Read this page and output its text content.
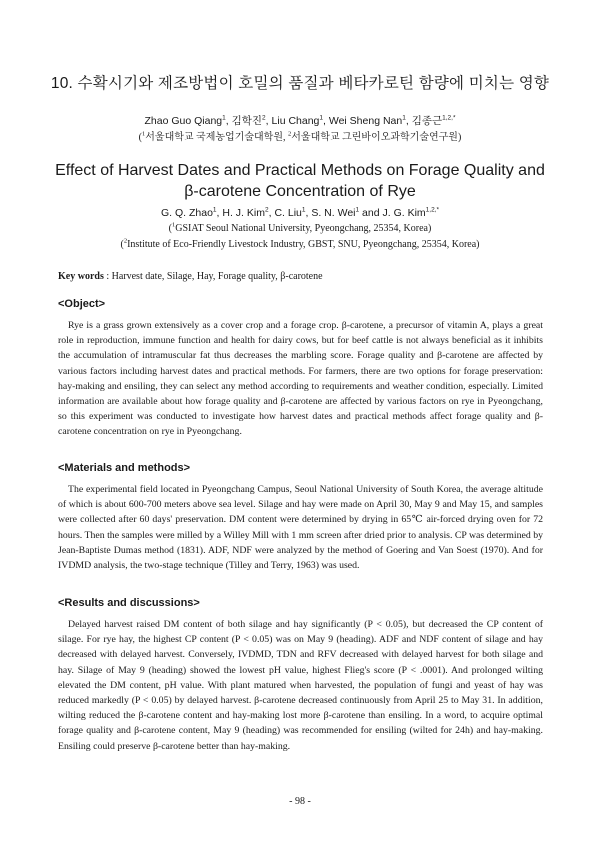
10. 수확시기와 제조방법이 호밀의 품질과 베타카로틴 함량에 미치는 영향
Zhao Guo Qiang$^1$, 김학진$^2$, Liu Chang$^1$, Wei Sheng Nan$^1$, 김종근$^{1,2,*}$
($^1$서울대학교 국제농업기술대학원, $^2$서울대학교 그린바이오과학기술연구원)
Effect of Harvest Dates and Practical Methods on Forage Quality and
β-carotene Concentration of Rye
G. Q. Zhao$^1$, H. J. Kim$^2$, C. Liu$^1$, S. N. Wei$^1$ and J. G. Kim$^{1,2,*}$
($^1$GSIAT Seoul National University, Pyeongchang, 25354, Korea)
($^2$Institute of Eco-Friendly Livestock Industry, GBST, SNU, Pyeongchang, 25354, Korea)
Key words : Harvest date, Silage, Hay, Forage quality, β-carotene
<Object>

Rye is a grass grown extensively as a cover crop and a forage crop. β-carotene, a precursor of vitamin A, plays a great role in reproduction, immune function and health for dairy cows, but for beef cattle is not always beneficial as it inhibits the accumulation of intramuscular fat thus decreases the marbling score. Forage quality and β-carotene are affected by various factors including harvest dates and practical methods. For farmers, there are two options for forage preservation: hay-making and ensiling, they can select any method according to requirements and weather condition, especially. Limited information are available about how forage quality and β-carotene are affected by various factors on rye in Pyeongchang, so this experiment was conducted to investigate how harvest dates and practical methods affect forage quality and β-carotene concentration on rye in Pyeongchang.

<Materials and methods>

The experimental field located in Pyeongchang Campus, Seoul National University of South Korea, the average altitude of which is about 600-700 meters above sea level. Silage and hay were made on April 30, May 9 and May 15, and samples were collected after 60 days' preservation. DM content were determined by drying in 65℃ air-forced drying oven for 72 hours. Then the samples were milled by a Willey Mill with 1 mm screen after dried prior to analysis. CP was determined by Jean-Baptiste Dumas method (1831). ADF, NDF were analyzed by the method of Goering and Van Soest (1970). And for IVDMD analysis, the two-stage technique (Tilley and Terry, 1963) was used.

<Results and discussions>

Delayed harvest raised DM content of both silage and hay significantly (P < 0.05), but decreased the CP content of silage. For rye hay, the highest CP content (P < 0.05) was on May 9 (heading). ADF and NDF content of silage and hay decreased with delayed harvest. Conversely, IVDMD, TDN and RFV decreased with delayed harvest for both silage and hay. Silage of May 9 (heading) showed the lowest pH value, highest Flieg's score (P < .0001). And prolonged wilting elevated the DM content, pH value. With plant matured when harvested, the population of fungi and yeast of hay was reduced markedly (P < 0.05) by delayed harvest. β-carotene decreased continuously from April 25 to May 31. In addition, wilting reduced the β-carotene content and hay-making lost more β-carotene than ensiling. In a word, to acquire optimal forage quality and β-carotene content, May 9 (heading) was recommended for ensiling (wilted for 24h) and hay-making. Ensiling could preserve β-carotene better than hay-making.

- 98 -
